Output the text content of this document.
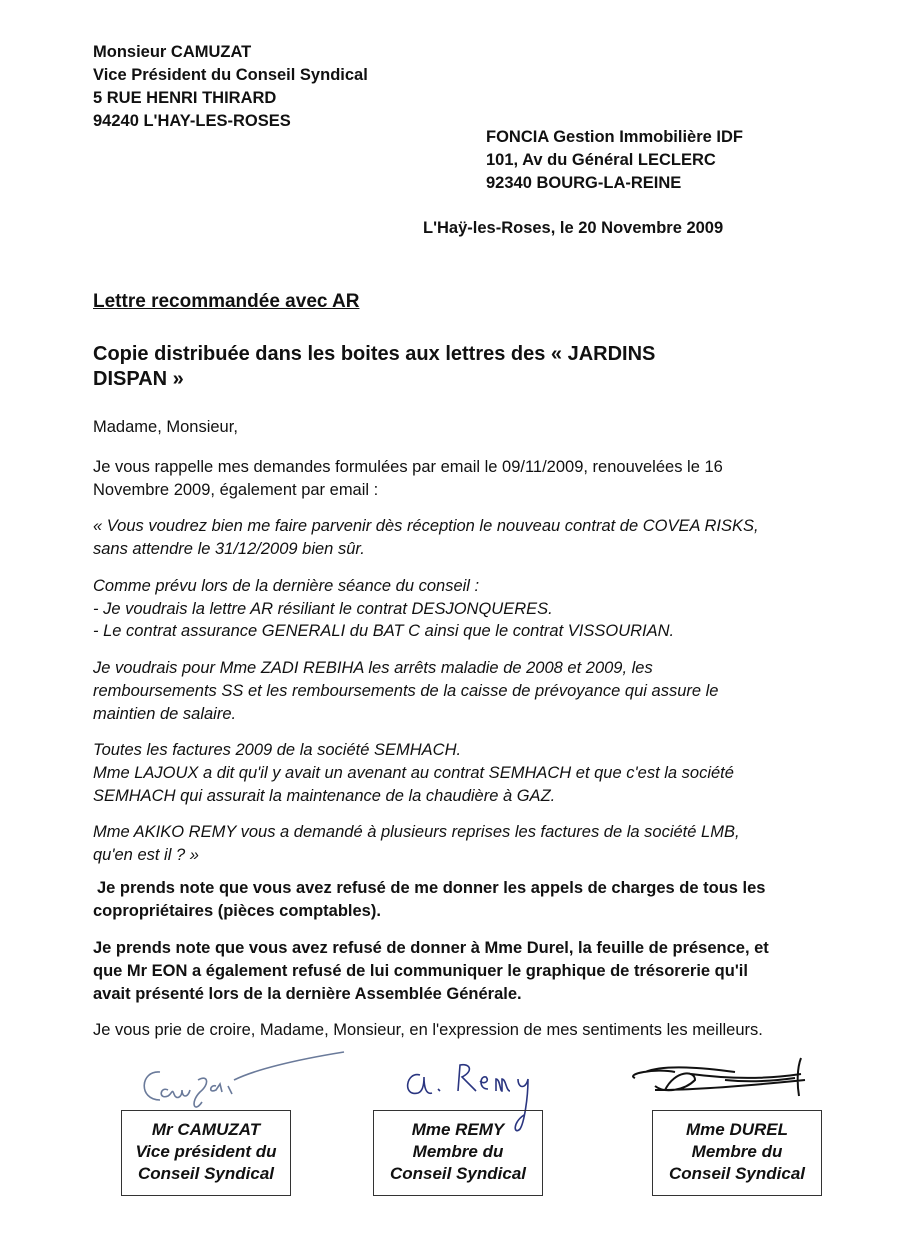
Monsieur CAMUZAT
Vice Président du Conseil Syndical
5 RUE HENRI THIRARD
94240 L'HAY-LES-ROSES
FONCIA Gestion Immobilière IDF
101, Av du Général LECLERC
92340 BOURG-LA-REINE
L'Haÿ-les-Roses, le 20 Novembre 2009
Lettre recommandée avec AR
Copie distribuée dans les boites aux lettres des « JARDINS
DISPAN »
Madame, Monsieur,
Je vous rappelle mes demandes formulées par email le 09/11/2009, renouvelées le 16
Novembre 2009, également par email :
« Vous voudrez bien me faire parvenir dès réception le nouveau contrat de COVEA RISKS,
sans attendre le 31/12/2009 bien sûr.
Comme prévu lors de la dernière séance du conseil :
- Je voudrais la lettre AR résiliant le contrat DESJONQUERES.
- Le contrat assurance GENERALI du BAT C ainsi que le contrat VISSOURIAN.
Je voudrais pour Mme ZADI REBIHA les arrêts maladie de 2008 et 2009, les
remboursements SS et les remboursements de la caisse de prévoyance qui assure le
maintien de salaire.
Toutes les factures 2009 de la société SEMHACH.
Mme LAJOUX a dit qu'il y avait un avenant au contrat SEMHACH et que c'est la société
SEMHACH qui assurait la maintenance de la chaudière à GAZ.
Mme AKIKO REMY vous a demandé à plusieurs reprises les factures de la société LMB,
qu'en est il ? »
Je prends note que vous avez refusé de me donner les appels de charges de tous les
copropriétaires (pièces comptables).
Je prends note que vous avez refusé de donner à Mme Durel, la feuille de présence, et
que Mr EON a également refusé de lui communiquer le graphique de trésorerie qu'il
avait présenté lors de la dernière Assemblée Générale.
Je vous prie de croire, Madame, Monsieur, en l'expression de mes sentiments les meilleurs.
Mr CAMUZAT
Vice président du
Conseil Syndical
Mme REMY
Membre du
Conseil Syndical
Mme DUREL
Membre du
Conseil Syndical
